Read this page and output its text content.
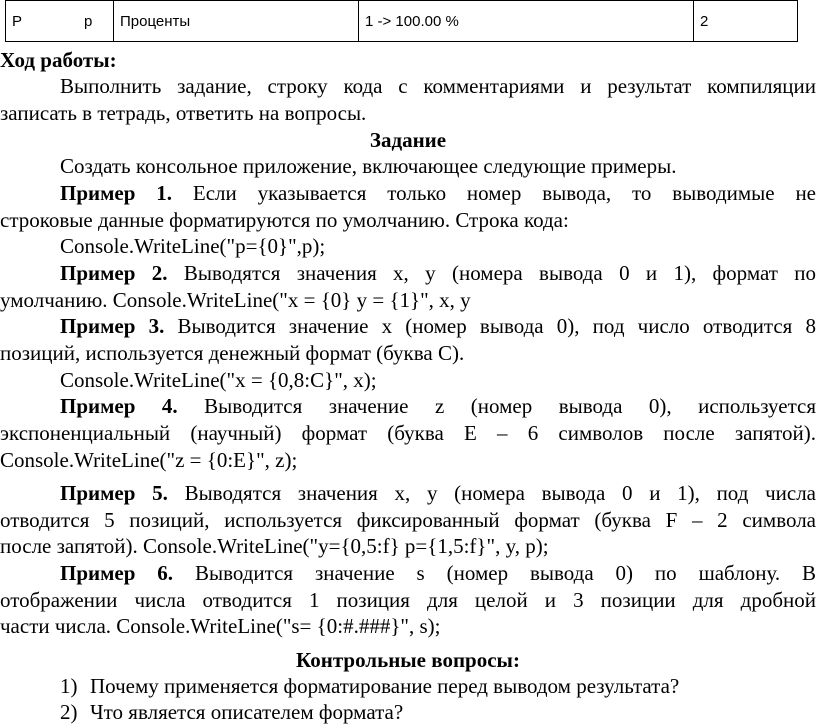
P	p	Проценты	1 -> 100.00 %	2
Ход работы:
Выполнить задание, строку кода с комментариями и результат компиляции
записать в тетрадь, ответить на вопросы.
Задание
Создать консольное приложение, включающее следующие примеры.
Пример 1. Если указывается только номер вывода, то выводимые не
строковые данные форматируются по умолчанию. Строка кода:
Console.WriteLine("p={0}",p);
Пример 2. Выводятся значения x, y (номера вывода 0 и 1), формат по
умолчанию. Console.WriteLine("x = {0} y = {1}", x, y
Пример 3. Выводится значение x (номер вывода 0), под число отводится 8
позиций, используется денежный формат (буква C).
Console.WriteLine("x = {0,8:C}", x);
Пример 4. Выводится значение z (номер вывода 0), используется
экспоненциальный (научный) формат (буква E – 6 символов после запятой).
Console.WriteLine("z = {0:E}", z);
Пример 5. Выводятся значения x, y (номера вывода 0 и 1), под числа
отводится 5 позиций, используется фиксированный формат (буква F – 2 символа
после запятой). Console.WriteLine("y={0,5:f} p={1,5:f}", y, p);
Пример 6. Выводится значение s (номер вывода 0) по шаблону. В
отображении числа отводится 1 позиция для целой и 3 позиции для дробной
части числа. Console.WriteLine("s= {0:#.###}", s);
Контрольные вопросы:
1) Почему применяется форматирование перед выводом результата?
2) Что является описателем формата?
